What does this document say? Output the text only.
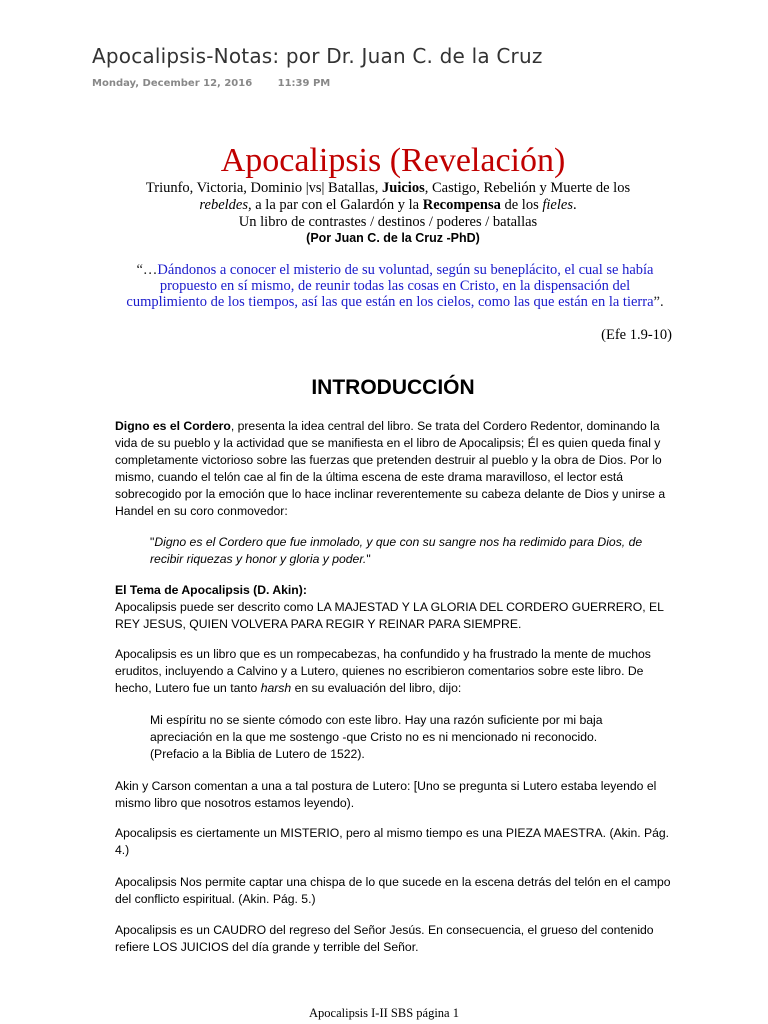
Apocalipsis-Notas: por Dr. Juan C. de la Cruz
Monday, December 12, 2016	11:39 PM
Apocalipsis (Revelación)
Triunfo, Victoria, Dominio |vs| Batallas, Juicios, Castigo, Rebelión y Muerte de los rebeldes, a la par con el Galardón y la Recompensa de los fieles.
Un libro de contrastes / destinos / poderes / batallas
(Por Juan C. de la Cruz -PhD)
“…Dándonos a conocer el misterio de su voluntad, según su beneplácito, el cual se había propuesto en sí mismo, de reunir todas las cosas en Cristo, en la dispensación del cumplimiento de los tiempos, así las que están en los cielos, como las que están en la tierra”.
(Efe 1.9-10)
INTRODUCCIÓN

Digno es el Cordero, presenta la idea central del libro. Se trata del Cordero Redentor, dominando la vida de su pueblo y la actividad que se manifiesta en el libro de Apocalipsis; Él es quien queda final y completamente victorioso sobre las fuerzas que pretenden destruir al pueblo y la obra de Dios. Por lo mismo, cuando el telón cae al fin de la última escena de este drama maravilloso, el lector está sobrecogido por la emoción que lo hace inclinar reverentemente su cabeza delante de Dios y unirse a Handel en su coro conmovedor:

"Digno es el Cordero que fue inmolado, y que con su sangre nos ha redimido para Dios, de recibir riquezas y honor y gloria y poder."

El Tema de Apocalipsis (D. Akin):

Apocalipsis puede ser descrito como LA MAJESTAD Y LA GLORIA DEL CORDERO GUERRERO, EL REY JESUS, QUIEN VOLVERA PARA REGIR Y REINAR PARA SIEMPRE.

Apocalipsis es un libro que es un rompecabezas, ha confundido y ha frustrado la mente de muchos eruditos, incluyendo a Calvino y a Lutero, quienes no escribieron comentarios sobre este libro. De hecho, Lutero fue un tanto harsh en su evaluación del libro, dijo:

Mi espíritu no se siente cómodo con este libro. Hay una razón suficiente por mi baja apreciación en la que me sostengo -que Cristo no es ni mencionado ni reconocido. (Prefacio a la Biblia de Lutero de 1522).
Akin y Carson comentan a una a tal postura de Lutero: [Uno se pregunta si Lutero estaba leyendo el mismo libro que nosotros estamos leyendo).
Apocalipsis es ciertamente un MISTERIO, pero al mismo tiempo es una PIEZA MAESTRA. (Akin. Pág. 4.)
Apocalipsis Nos permite captar una chispa de lo que sucede en la escena detrás del telón en el campo del conflicto espiritual. (Akin. Pág. 5.)
Apocalipsis es un CAUDRO del regreso del Señor Jesús. En consecuencia, el grueso del contenido refiere LOS JUICIOS del día grande y terrible del Señor.
Apocalipsis I-II SBS página 1
